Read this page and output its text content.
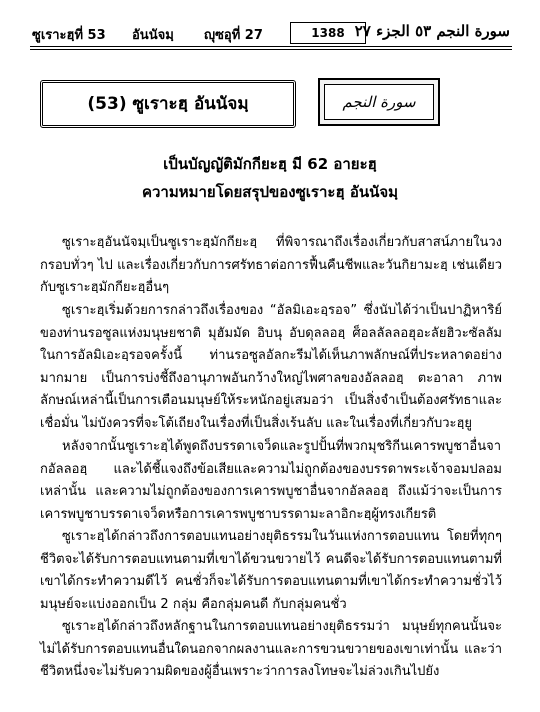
ซูเราะฮฺที่ 53 อันนัจมฺ ญุซอุที่ 27	1388 سورة النجم ٥٣ الجزء ٢٧
(53) ซูเราะฮฺ อันนัจมฺ	سورة النجم
เป็นบัญญัติมักกียะฮฺ มี 62 อายะฮฺ
ความหมายโดยสรุปของซูเราะฮฺ อันนัจมฺ

ซูเราะฮฺอันนัจมฺเป็นซูเราะฮฺมักกียะฮฺ ที่พิจารณาถึงเรื่องเกี่ยวกับสาสน์ภายในวงกรอบทั่วๆ ไป และเรื่องเกี่ยวกับการศรัทธาต่อการฟื้นคืนชีพและวันกิยามะฮฺ เช่นเดียวกับซูเราะฮฺมักกียะฮฺอื่นๆ

ซูเราะฮฺเริ่มด้วยการกล่าวถึงเรื่องของ “อัลมิเอะอฺรอจ” ซึ่งนับได้ว่าเป็นปาฏิหาริย์ของท่านรอซูลแห่งมนุษยชาติ มุฮัมมัด อิบนุ อับดุลลอฮฺ ศ็อลลัลลอฮุอะลัยฮิวะซัลลัม ในการอัลมิเอะอฺรอจครั้งนี้ ท่านรอซูลอัลกะรีมได้เห็นภาพลักษณ์ที่ประหลาดอย่างมากมาย เป็นการบ่งชี้ถึงอานุภาพอันกว้างใหญ่ไพศาลของอัลลอฮฺ ตะอาลา ภาพลักษณ์เหล่านี้เป็นการเตือนมนุษย์ให้ระหนักอยู่เสมอว่า เป็นสิ่งจำเป็นต้องศรัทธาและเชื่อมั่น ไม่บังควรที่จะโต้เถียงในเรื่องที่เป็นสิ่งเร้นลับ และในเรื่องที่เกี่ยวกับวะฮฺยู

หลังจากนั้นซูเราะฮฺได้พูดถึงบรรดาเจว็ดและรูปปั้นที่พวกมุชริกีนเคารพบูชาอื่นจากอัลลอฮฺ และได้ชี้แจงถึงข้อเสียและความไม่ถูกต้องของบรรดาพระเจ้าจอมปลอมเหล่านั้น และความไม่ถูกต้องของการเคารพบูชาอื่นจากอัลลอฮฺ ถึงแม้ว่าจะเป็นการเคารพบูชาบรรดาเจว็ดหรือการเคารพบูชาบรรดามะลาอิกะฮฺผู้ทรงเกียรติ

ซูเราะฮฺได้กล่าวถึงการตอบแทนอย่างยุติธรรมในวันแห่งการตอบแทน โดยที่ทุกๆ ชีวิตจะได้รับการตอบแทนตามที่เขาได้ขวนขวายไว้ คนดีจะได้รับการตอบแทนตามที่เขาได้กระทำความดีไว้ คนชั่วก็จะได้รับการตอบแทนตามที่เขาได้กระทำความชั่วไว้ มนุษย์จะแบ่งออกเป็น 2 กลุ่ม คือกลุ่มคนดี กับกลุ่มคนชั่ว

ซูเราะฮฺได้กล่าวถึงหลักฐานในการตอบแทนอย่างยุติธรรมว่า มนุษย์ทุกคนนั้นจะไม่ได้รับการตอบแทนอื่นใดนอกจากผลงานและการขวนขวายของเขาเท่านั้น และว่าชีวิตหนึ่งจะไม่รับความผิดของผู้อื่นเพราะว่าการลงโทษจะไม่ล่วงเกินไปยัง
